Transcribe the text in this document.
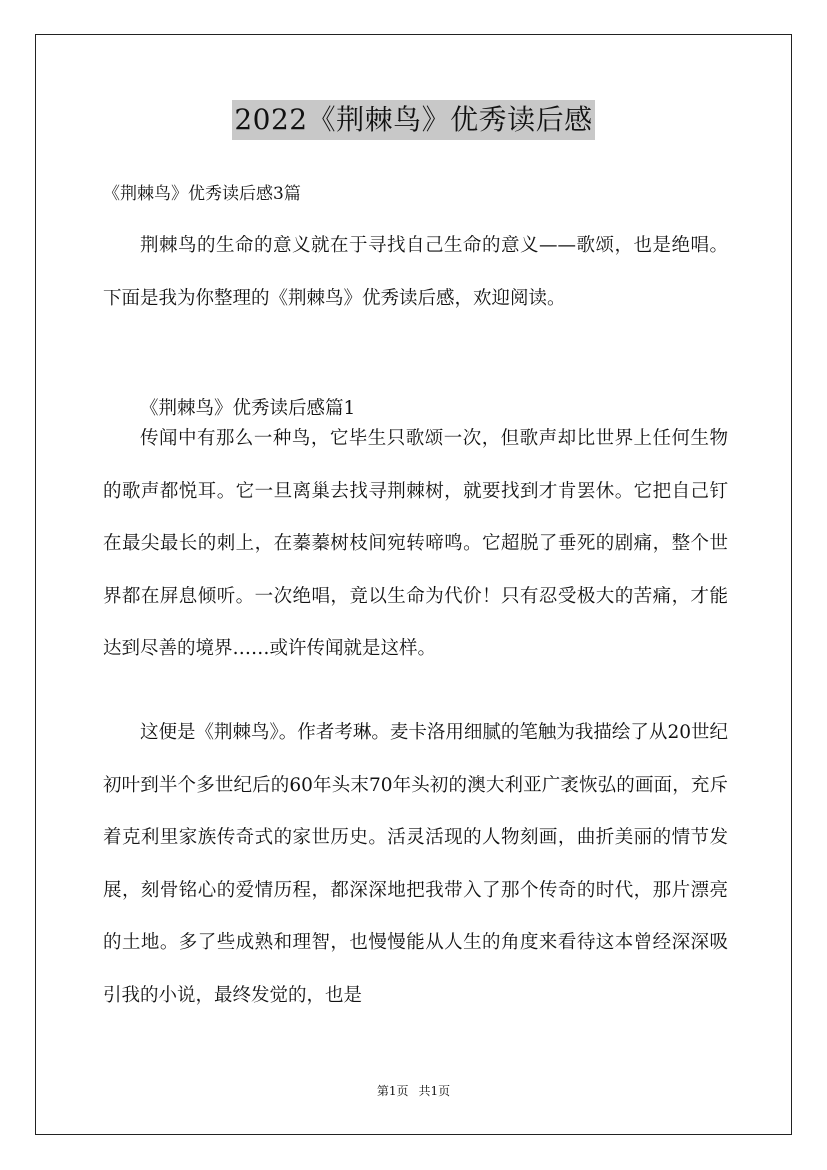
2022《荆棘鸟》优秀读后感
《荆棘鸟》优秀读后感3篇
荆棘鸟的生命的意义就在于寻找自己生命的意义——歌颂，也是绝唱。下面是我为你整理的《荆棘鸟》优秀读后感，欢迎阅读。
《荆棘鸟》优秀读后感篇1
传闻中有那么一种鸟，它毕生只歌颂一次，但歌声却比世界上任何生物的歌声都悦耳。它一旦离巢去找寻荆棘树，就要找到才肯罢休。它把自己钉在最尖最长的刺上，在蓁蓁树枝间宛转啼鸣。它超脱了垂死的剧痛，整个世界都在屏息倾听。一次绝唱，竟以生命为代价！只有忍受极大的苦痛，才能达到尽善的境界……或许传闻就是这样。
这便是《荆棘鸟》。作者考琳。麦卡洛用细腻的笔触为我描绘了从20世纪初叶到半个多世纪后的60年头末70年头初的澳大利亚广袤恢弘的画面，充斥着克利里家族传奇式的家世历史。活灵活现的人物刻画，曲折美丽的情节发展，刻骨铭心的爱情历程，都深深地把我带入了那个传奇的时代，那片漂亮的土地。多了些成熟和理智，也慢慢能从人生的角度来看待这本曾经深深吸引我的小说，最终发觉的，也是
第1页 共1页
